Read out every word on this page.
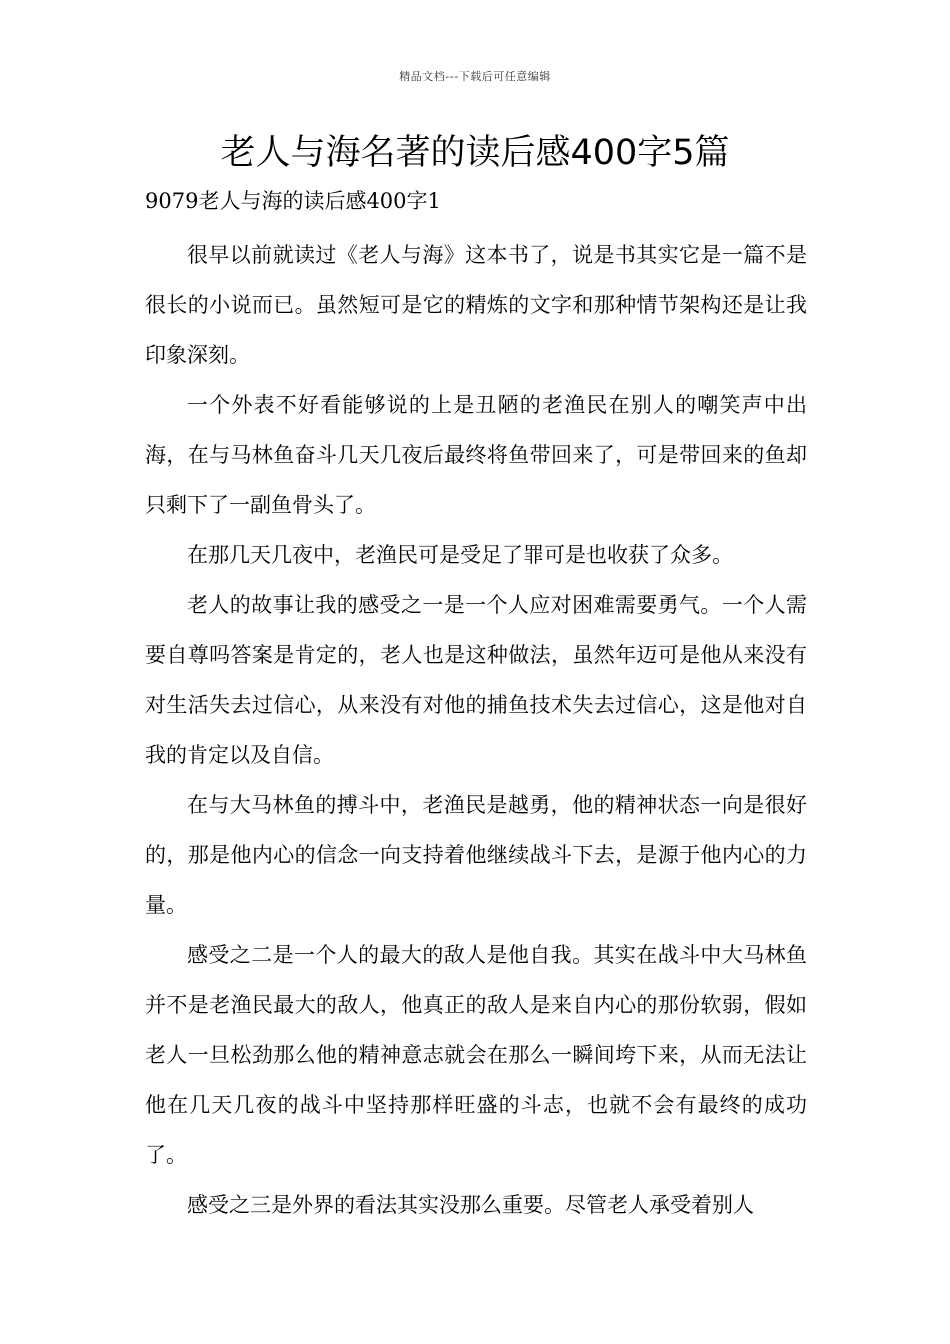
精品文档---下载后可任意编辑
老人与海名著的读后感400字5篇
9079老人与海的读后感400字1

很早以前就读过《老人与海》这本书了，说是书其实它是一篇不是很长的小说而已。虽然短可是它的精炼的文字和那种情节架构还是让我印象深刻。

一个外表不好看能够说的上是丑陋的老渔民在别人的嘲笑声中出海，在与马林鱼奋斗几天几夜后最终将鱼带回来了，可是带回来的鱼却只剩下了一副鱼骨头了。

在那几天几夜中，老渔民可是受足了罪可是也收获了众多。

老人的故事让我的感受之一是一个人应对困难需要勇气。一个人需要自尊吗答案是肯定的，老人也是这种做法，虽然年迈可是他从来没有对生活失去过信心，从来没有对他的捕鱼技术失去过信心，这是他对自我的肯定以及自信。

在与大马林鱼的搏斗中，老渔民是越勇，他的精神状态一向是很好的，那是他内心的信念一向支持着他继续战斗下去，是源于他内心的力量。

感受之二是一个人的最大的敌人是他自我。其实在战斗中大马林鱼并不是老渔民最大的敌人，他真正的敌人是来自内心的那份软弱，假如老人一旦松劲那么他的精神意志就会在那么一瞬间垮下来，从而无法让他在几天几夜的战斗中坚持那样旺盛的斗志，也就不会有最终的成功了。

感受之三是外界的看法其实没那么重要。尽管老人承受着别人
